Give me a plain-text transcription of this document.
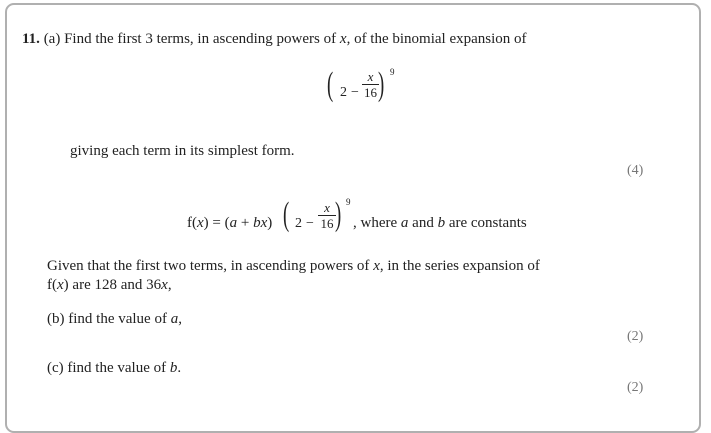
11. (a) Find the first 3 terms, in ascending powers of x, of the binomial expansion of
( 2 −
x
16 ) 9
giving each term in its simplest form.
(4)
f(x) = (a + bx) ( 2 −
x
16 ) 9
, where a and b are constants
Given that the first two terms, in ascending powers of x, in the series expansion of
f(x) are 128 and 36x,
(b) find the value of a,
(2)
(c) find the value of b.
(2)
